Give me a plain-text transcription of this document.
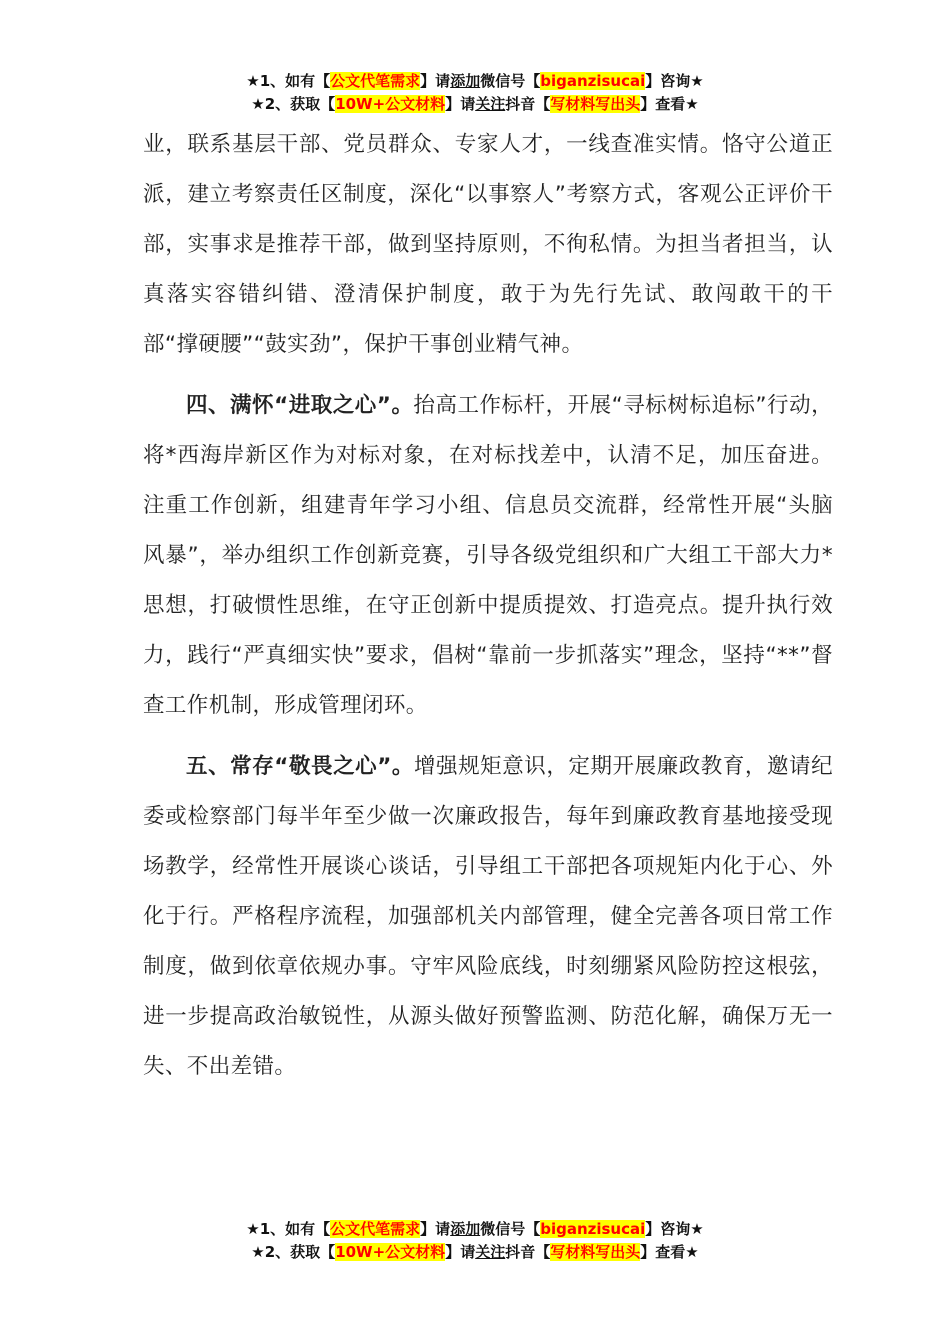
★1、如有【公文代笔需求】请添加微信号【biganzisucai】咨询★
★2、获取【10W+公文材料】请关注抖音【写材料写出头】查看★

业，联系基层干部、党员群众、专家人才，一线查准实情。恪守公道正派，建立考察责任区制度，深化“以事察人”考察方式，客观公正评价干部，实事求是推荐干部，做到坚持原则，不徇私情。为担当者担当，认真落实容错纠错、澄清保护制度，敢于为先行先试、敢闯敢干的干部“撑硬腰”“鼓实劲”，保护干事创业精气神。

四、满怀“进取之心”。抬高工作标杆，开展“寻标树标追标”行动，将*西海岸新区作为对标对象，在对标找差中，认清不足，加压奋进。注重工作创新，组建青年学习小组、信息员交流群，经常性开展“头脑风暴”，举办组织工作创新竞赛，引导各级党组织和广大组工干部大力*思想，打破惯性思维，在守正创新中提质提效、打造亮点。提升执行效力，践行“严真细实快”要求，倡树“靠前一步抓落实”理念，坚持“**”督查工作机制，形成管理闭环。

五、常存“敬畏之心”。增强规矩意识，定期开展廉政教育，邀请纪委或检察部门每半年至少做一次廉政报告，每年到廉政教育基地接受现场教学，经常性开展谈心谈话，引导组工干部把各项规矩内化于心、外化于行。严格程序流程，加强部机关内部管理，健全完善各项日常工作制度，做到依章依规办事。守牢风险底线，时刻绷紧风险防控这根弦，进一步提高政治敏锐性，从源头做好预警监测、防范化解，确保万无一失、不出差错。

★1、如有【公文代笔需求】请添加微信号【biganzisucai】咨询★
★2、获取【10W+公文材料】请关注抖音【写材料写出头】查看★
